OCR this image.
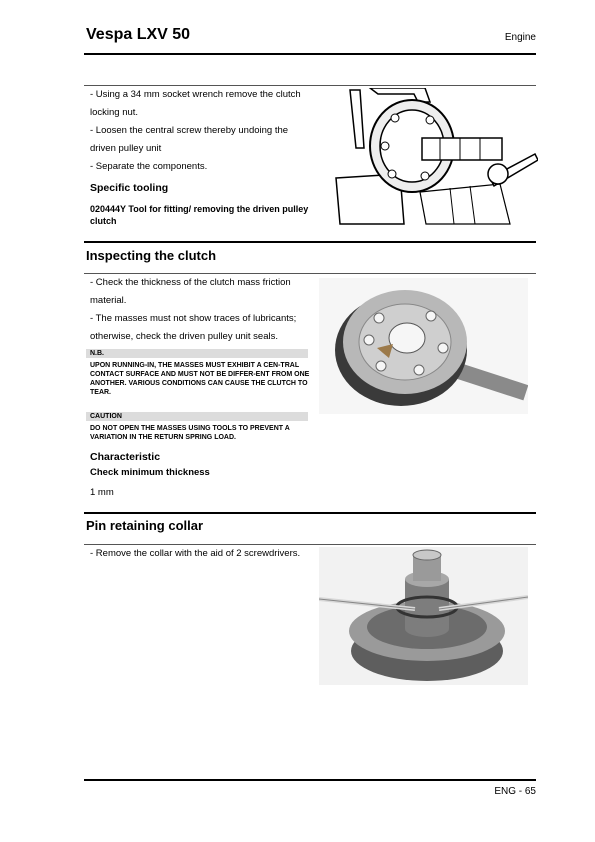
Vespa LXV 50	Engine
- Using a 34 mm socket wrench remove the clutch
locking nut.
- Loosen the central screw thereby undoing the
driven pulley unit
- Separate the components.
Specific tooling
020444Y Tool for fitting/ removing the driven pulley clutch
Inspecting the clutch
- Check the thickness of the clutch mass friction
material.
- The masses must not show traces of lubricants;
otherwise, check the driven pulley unit seals.
N.B.
UPON RUNNING-IN, THE MASSES MUST EXHIBIT A CEN-TRAL CONTACT SURFACE AND MUST NOT BE DIFFER-ENT FROM ONE ANOTHER. VARIOUS CONDITIONS CAN CAUSE THE CLUTCH TO TEAR.
CAUTION
DO NOT OPEN THE MASSES USING TOOLS TO PREVENT A VARIATION IN THE RETURN SPRING LOAD.
Characteristic
Check minimum thickness
1 mm
Pin retaining collar
- Remove the collar with the aid of 2 screwdrivers.
ENG - 65
